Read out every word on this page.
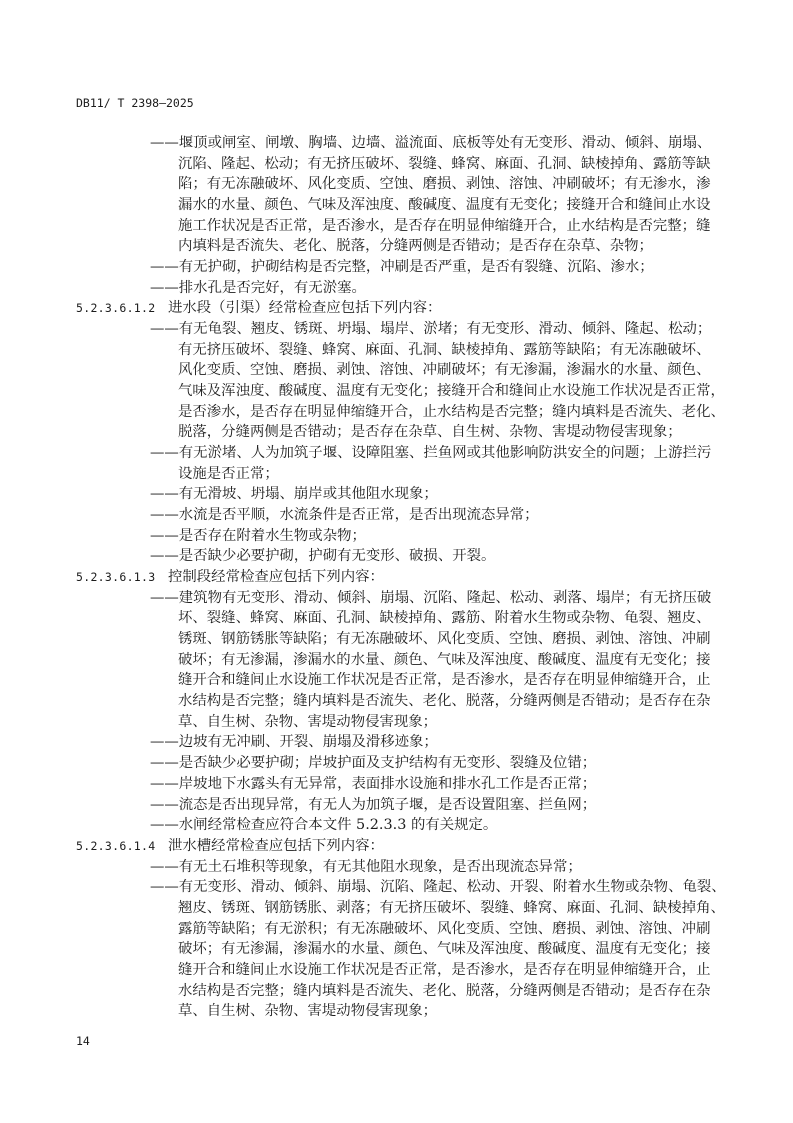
DB11/ T 2398—2025
——堰顶或闸室、闸墩、胸墙、边墙、溢流面、底板等处有无变形、滑动、倾斜、崩塌、
沉陷、隆起、松动；有无挤压破坏、裂缝、蜂窝、麻面、孔洞、缺棱掉角、露筋等缺
陷；有无冻融破坏、风化变质、空蚀、磨损、剥蚀、溶蚀、冲刷破坏；有无渗水，渗
漏水的水量、颜色、气味及浑浊度、酸碱度、温度有无变化；接缝开合和缝间止水设
施工作状况是否正常，是否渗水，是否存在明显伸缩缝开合，止水结构是否完整；缝
内填料是否流失、老化、脱落，分缝两侧是否错动；是否存在杂草、杂物；
——有无护砌，护砌结构是否完整，冲刷是否严重，是否有裂缝、沉陷、渗水；
——排水孔是否完好，有无淤塞。
5.2.3.6.1.2 进水段（引渠）经常检查应包括下列内容：
——有无龟裂、翘皮、锈斑、坍塌、塌岸、淤堵；有无变形、滑动、倾斜、隆起、松动；
有无挤压破坏、裂缝、蜂窝、麻面、孔洞、缺棱掉角、露筋等缺陷；有无冻融破坏、
风化变质、空蚀、磨损、剥蚀、溶蚀、冲刷破坏；有无渗漏，渗漏水的水量、颜色、
气味及浑浊度、酸碱度、温度有无变化；接缝开合和缝间止水设施工作状况是否正常，
是否渗水，是否存在明显伸缩缝开合，止水结构是否完整；缝内填料是否流失、老化、
脱落，分缝两侧是否错动；是否存在杂草、自生树、杂物、害堤动物侵害现象；
——有无淤堵、人为加筑子堰、设障阻塞、拦鱼网或其他影响防洪安全的问题；上游拦污
设施是否正常；
——有无滑坡、坍塌、崩岸或其他阻水现象；
——水流是否平顺，水流条件是否正常，是否出现流态异常；
——是否存在附着水生物或杂物；
——是否缺少必要护砌，护砌有无变形、破损、开裂。
5.2.3.6.1.3 控制段经常检查应包括下列内容：
——建筑物有无变形、滑动、倾斜、崩塌、沉陷、隆起、松动、剥落、塌岸；有无挤压破
坏、裂缝、蜂窝、麻面、孔洞、缺棱掉角、露筋、附着水生物或杂物、龟裂、翘皮、
锈斑、钢筋锈胀等缺陷；有无冻融破坏、风化变质、空蚀、磨损、剥蚀、溶蚀、冲刷
破坏；有无渗漏，渗漏水的水量、颜色、气味及浑浊度、酸碱度、温度有无变化；接
缝开合和缝间止水设施工作状况是否正常，是否渗水，是否存在明显伸缩缝开合，止
水结构是否完整；缝内填料是否流失、老化、脱落，分缝两侧是否错动；是否存在杂
草、自生树、杂物、害堤动物侵害现象；
——边坡有无冲刷、开裂、崩塌及滑移迹象；
——是否缺少必要护砌；岸坡护面及支护结构有无变形、裂缝及位错；
——岸坡地下水露头有无异常，表面排水设施和排水孔工作是否正常；
——流态是否出现异常，有无人为加筑子堰，是否设置阻塞、拦鱼网；
——水闸经常检查应符合本文件 5.2.3.3 的有关规定。
5.2.3.6.1.4 泄水槽经常检查应包括下列内容：
——有无土石堆积等现象，有无其他阻水现象，是否出现流态异常；
——有无变形、滑动、倾斜、崩塌、沉陷、隆起、松动、开裂、附着水生物或杂物、龟裂、
翘皮、锈斑、钢筋锈胀、剥落；有无挤压破坏、裂缝、蜂窝、麻面、孔洞、缺棱掉角、
露筋等缺陷；有无淤积；有无冻融破坏、风化变质、空蚀、磨损、剥蚀、溶蚀、冲刷
破坏；有无渗漏，渗漏水的水量、颜色、气味及浑浊度、酸碱度、温度有无变化；接
缝开合和缝间止水设施工作状况是否正常，是否渗水，是否存在明显伸缩缝开合，止
水结构是否完整；缝内填料是否流失、老化、脱落，分缝两侧是否错动；是否存在杂
草、自生树、杂物、害堤动物侵害现象；
14
